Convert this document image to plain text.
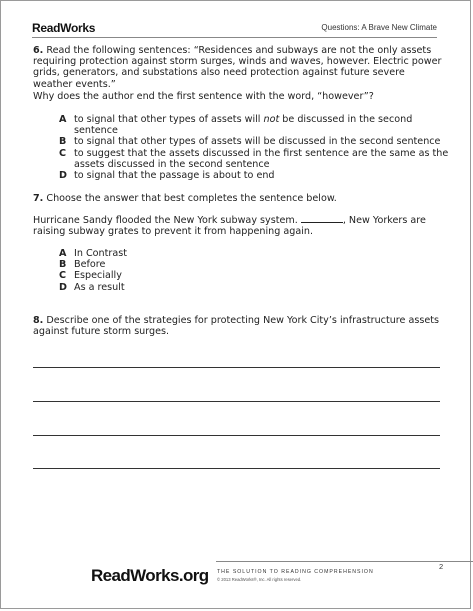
ReadWorks	Questions: A Brave New Climate
6. Read the following sentences: “Residences and subways are not the only assets requiring protection against storm surges, winds and waves, however. Electric power grids, generators, and substations also need protection against future severe weather events.”
Why does the author end the first sentence with the word, “however”?
A to signal that other types of assets will not be discussed in the second sentence
B to signal that other types of assets will be discussed in the second sentence
C to suggest that the assets discussed in the first sentence are the same as the assets discussed in the second sentence
D to signal that the passage is about to end
7. Choose the answer that best completes the sentence below.
Hurricane Sandy flooded the New York subway system.	, New Yorkers are raising subway grates to prevent it from happening again.
A In Contrast
B Before
C Especially
D As a result
8. Describe one of the strategies for protecting New York City’s infrastructure assets against future storm surges.
ReadWorks.org THE SOLUTION TO READING COMPREHENSION
© 2013 ReadWorks®, Inc. All rights reserved.
2
